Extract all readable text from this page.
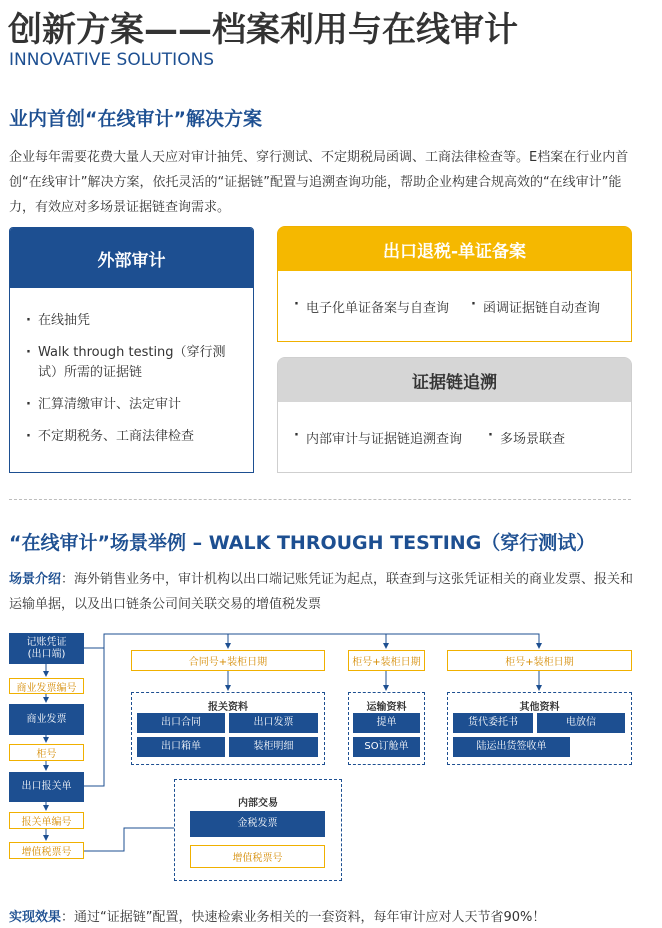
创新方案——档案利用与在线审计
INNOVATIVE SOLUTIONS
业内首创“在线审计”解决方案
企业每年需要花费大量人天应对审计抽凭、穿行测试、不定期税局函调、工商法律检查等。E档案在行业内首创“在线审计”解决方案，依托灵活的“证据链”配置与追溯查询功能，帮助企业构建合规高效的“在线审计”能力，有效应对多场景证据链查询需求。
外部审计
· 在线抽凭
· Walk through testing（穿行测试）所需的证据链
· 汇算清缴审计、法定审计
· 不定期税务、工商法律检查
出口退税-单证备案
· 电子化单证备案与自查询	· 函调证据链自动查询
证据链追溯
· 内部审计与证据链追溯查询	· 多场景联查
“在线审计”场景举例 – WALK THROUGH TESTING（穿行测试）
场景介绍：海外销售业务中，审计机构以出口端记账凭证为起点，联查到与这张凭证相关的商业发票、报关和运输单据，以及出口链条公司间关联交易的增值税发票
记账凭证
(出口端)
商业发票编号
商业发票
柜号
出口报关单
报关单编号
增值税票号
合同号+装柜日期	柜号+装柜日期	柜号+装柜日期
报关资料
出口合同	出口发票
出口箱单	装柜明细
运输资料
提单
SO订舱单
其他资料
货代委托书	电放信
陆运出货签收单
内部交易
金税发票
增值税票号
实现效果：通过“证据链”配置，快速检索业务相关的一套资料，每年审计应对人天节省90%！
